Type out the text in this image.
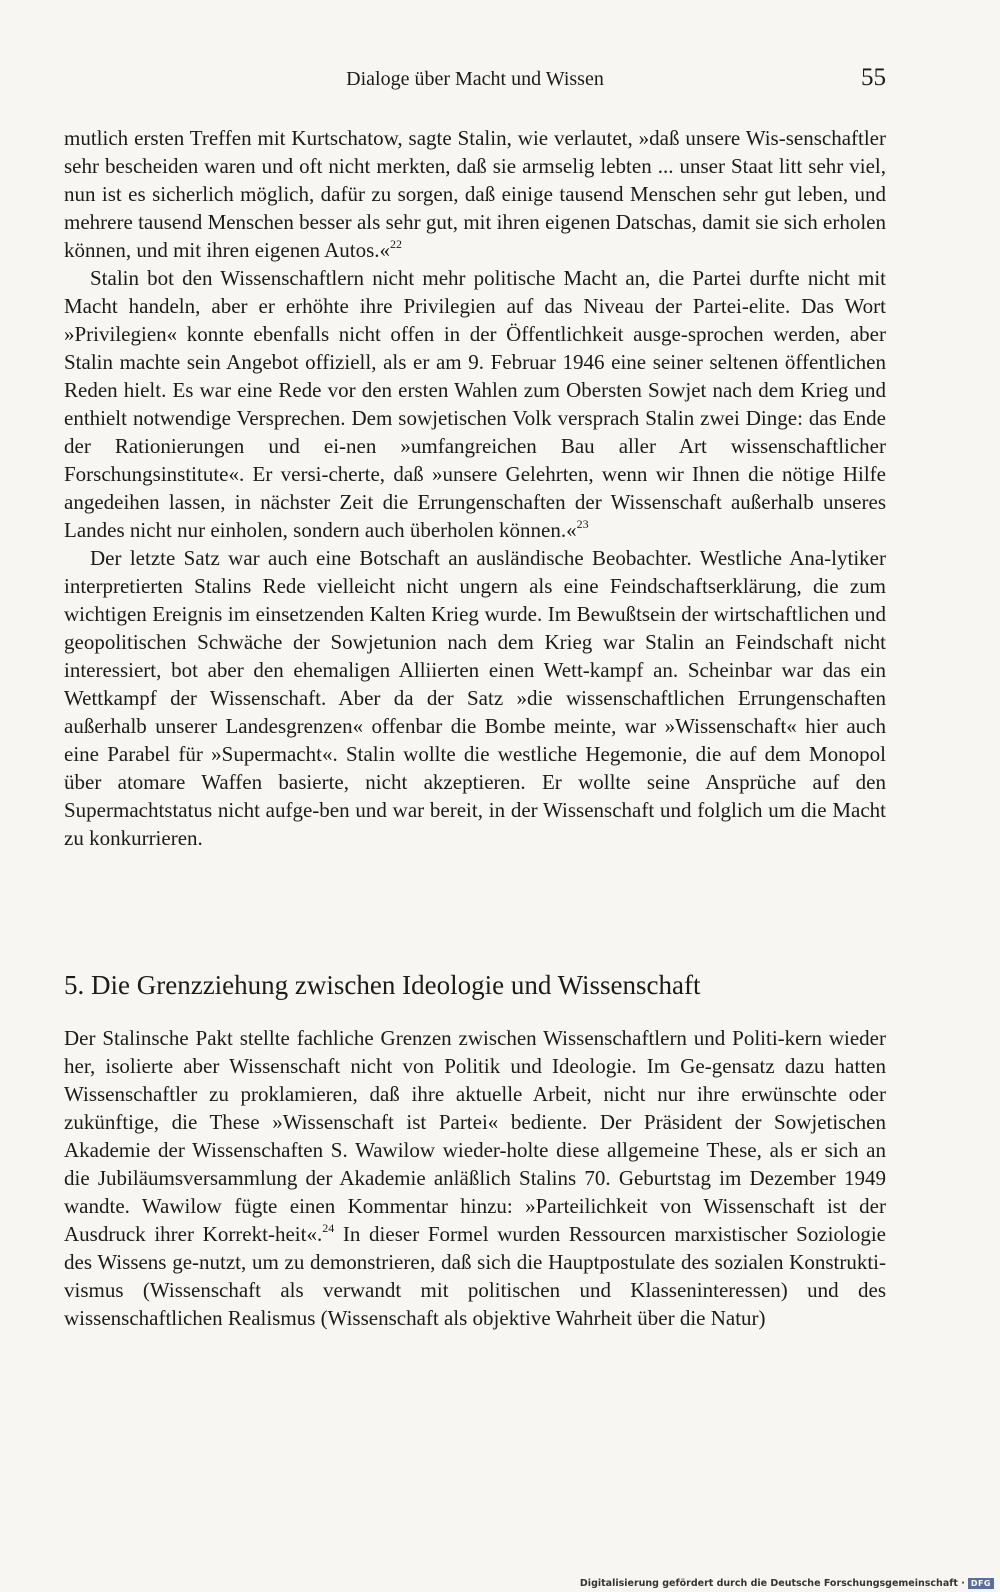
Dialoge über Macht und Wissen	55

mutlich ersten Treffen mit Kurtschatow, sagte Stalin, wie verlautet, »daß unsere Wis-senschaftler sehr bescheiden waren und oft nicht merkten, daß sie armselig lebten ... unser Staat litt sehr viel, nun ist es sicherlich möglich, dafür zu sorgen, daß einige tausend Menschen sehr gut leben, und mehrere tausend Menschen besser als sehr gut, mit ihren eigenen Datschas, damit sie sich erholen können, und mit ihren eigenen Autos.«$^{22}$

Stalin bot den Wissenschaftlern nicht mehr politische Macht an, die Partei durfte nicht mit Macht handeln, aber er erhöhte ihre Privilegien auf das Niveau der Partei-elite. Das Wort »Privilegien« konnte ebenfalls nicht offen in der Öffentlichkeit ausge-sprochen werden, aber Stalin machte sein Angebot offiziell, als er am 9. Februar 1946 eine seiner seltenen öffentlichen Reden hielt. Es war eine Rede vor den ersten Wahlen zum Obersten Sowjet nach dem Krieg und enthielt notwendige Versprechen. Dem sowjetischen Volk versprach Stalin zwei Dinge: das Ende der Rationierungen und ei-nen »umfangreichen Bau aller Art wissenschaftlicher Forschungsinstitute«. Er versi-cherte, daß »unsere Gelehrten, wenn wir Ihnen die nötige Hilfe angedeihen lassen, in nächster Zeit die Errungenschaften der Wissenschaft außerhalb unseres Landes nicht nur einholen, sondern auch überholen können.«$^{23}$

Der letzte Satz war auch eine Botschaft an ausländische Beobachter. Westliche Ana-lytiker interpretierten Stalins Rede vielleicht nicht ungern als eine Feindschaftserklärung, die zum wichtigen Ereignis im einsetzenden Kalten Krieg wurde. Im Bewußtsein der wirtschaftlichen und geopolitischen Schwäche der Sowjetunion nach dem Krieg war Stalin an Feindschaft nicht interessiert, bot aber den ehemaligen Alliierten einen Wett-kampf an. Scheinbar war das ein Wettkampf der Wissenschaft. Aber da der Satz »die wissenschaftlichen Errungenschaften außerhalb unserer Landesgrenzen« offenbar die Bombe meinte, war »Wissenschaft« hier auch eine Parabel für »Supermacht«. Stalin wollte die westliche Hegemonie, die auf dem Monopol über atomare Waffen basierte, nicht akzeptieren. Er wollte seine Ansprüche auf den Supermachtstatus nicht aufge-ben und war bereit, in der Wissenschaft und folglich um die Macht zu konkurrieren.

5. Die Grenzziehung zwischen Ideologie und Wissenschaft

Der Stalinsche Pakt stellte fachliche Grenzen zwischen Wissenschaftlern und Politi-kern wieder her, isolierte aber Wissenschaft nicht von Politik und Ideologie. Im Ge-gensatz dazu hatten Wissenschaftler zu proklamieren, daß ihre aktuelle Arbeit, nicht nur ihre erwünschte oder zukünftige, die These »Wissenschaft ist Partei« bediente. Der Präsident der Sowjetischen Akademie der Wissenschaften S. Wawilow wieder-holte diese allgemeine These, als er sich an die Jubiläumsversammlung der Akademie anläßlich Stalins 70. Geburtstag im Dezember 1949 wandte. Wawilow fügte einen Kommentar hinzu: »Parteilichkeit von Wissenschaft ist der Ausdruck ihrer Korrekt-heit«.$^{24}$ In dieser Formel wurden Ressourcen marxistischer Soziologie des Wissens ge-nutzt, um zu demonstrieren, daß sich die Hauptpostulate des sozialen Konstrukti-vismus (Wissenschaft als verwandt mit politischen und Klasseninteressen) und des wissenschaftlichen Realismus (Wissenschaft als objektive Wahrheit über die Natur)

Digitalisierung gefördert durch die Deutsche Forschungsgemeinschaft · DFG
